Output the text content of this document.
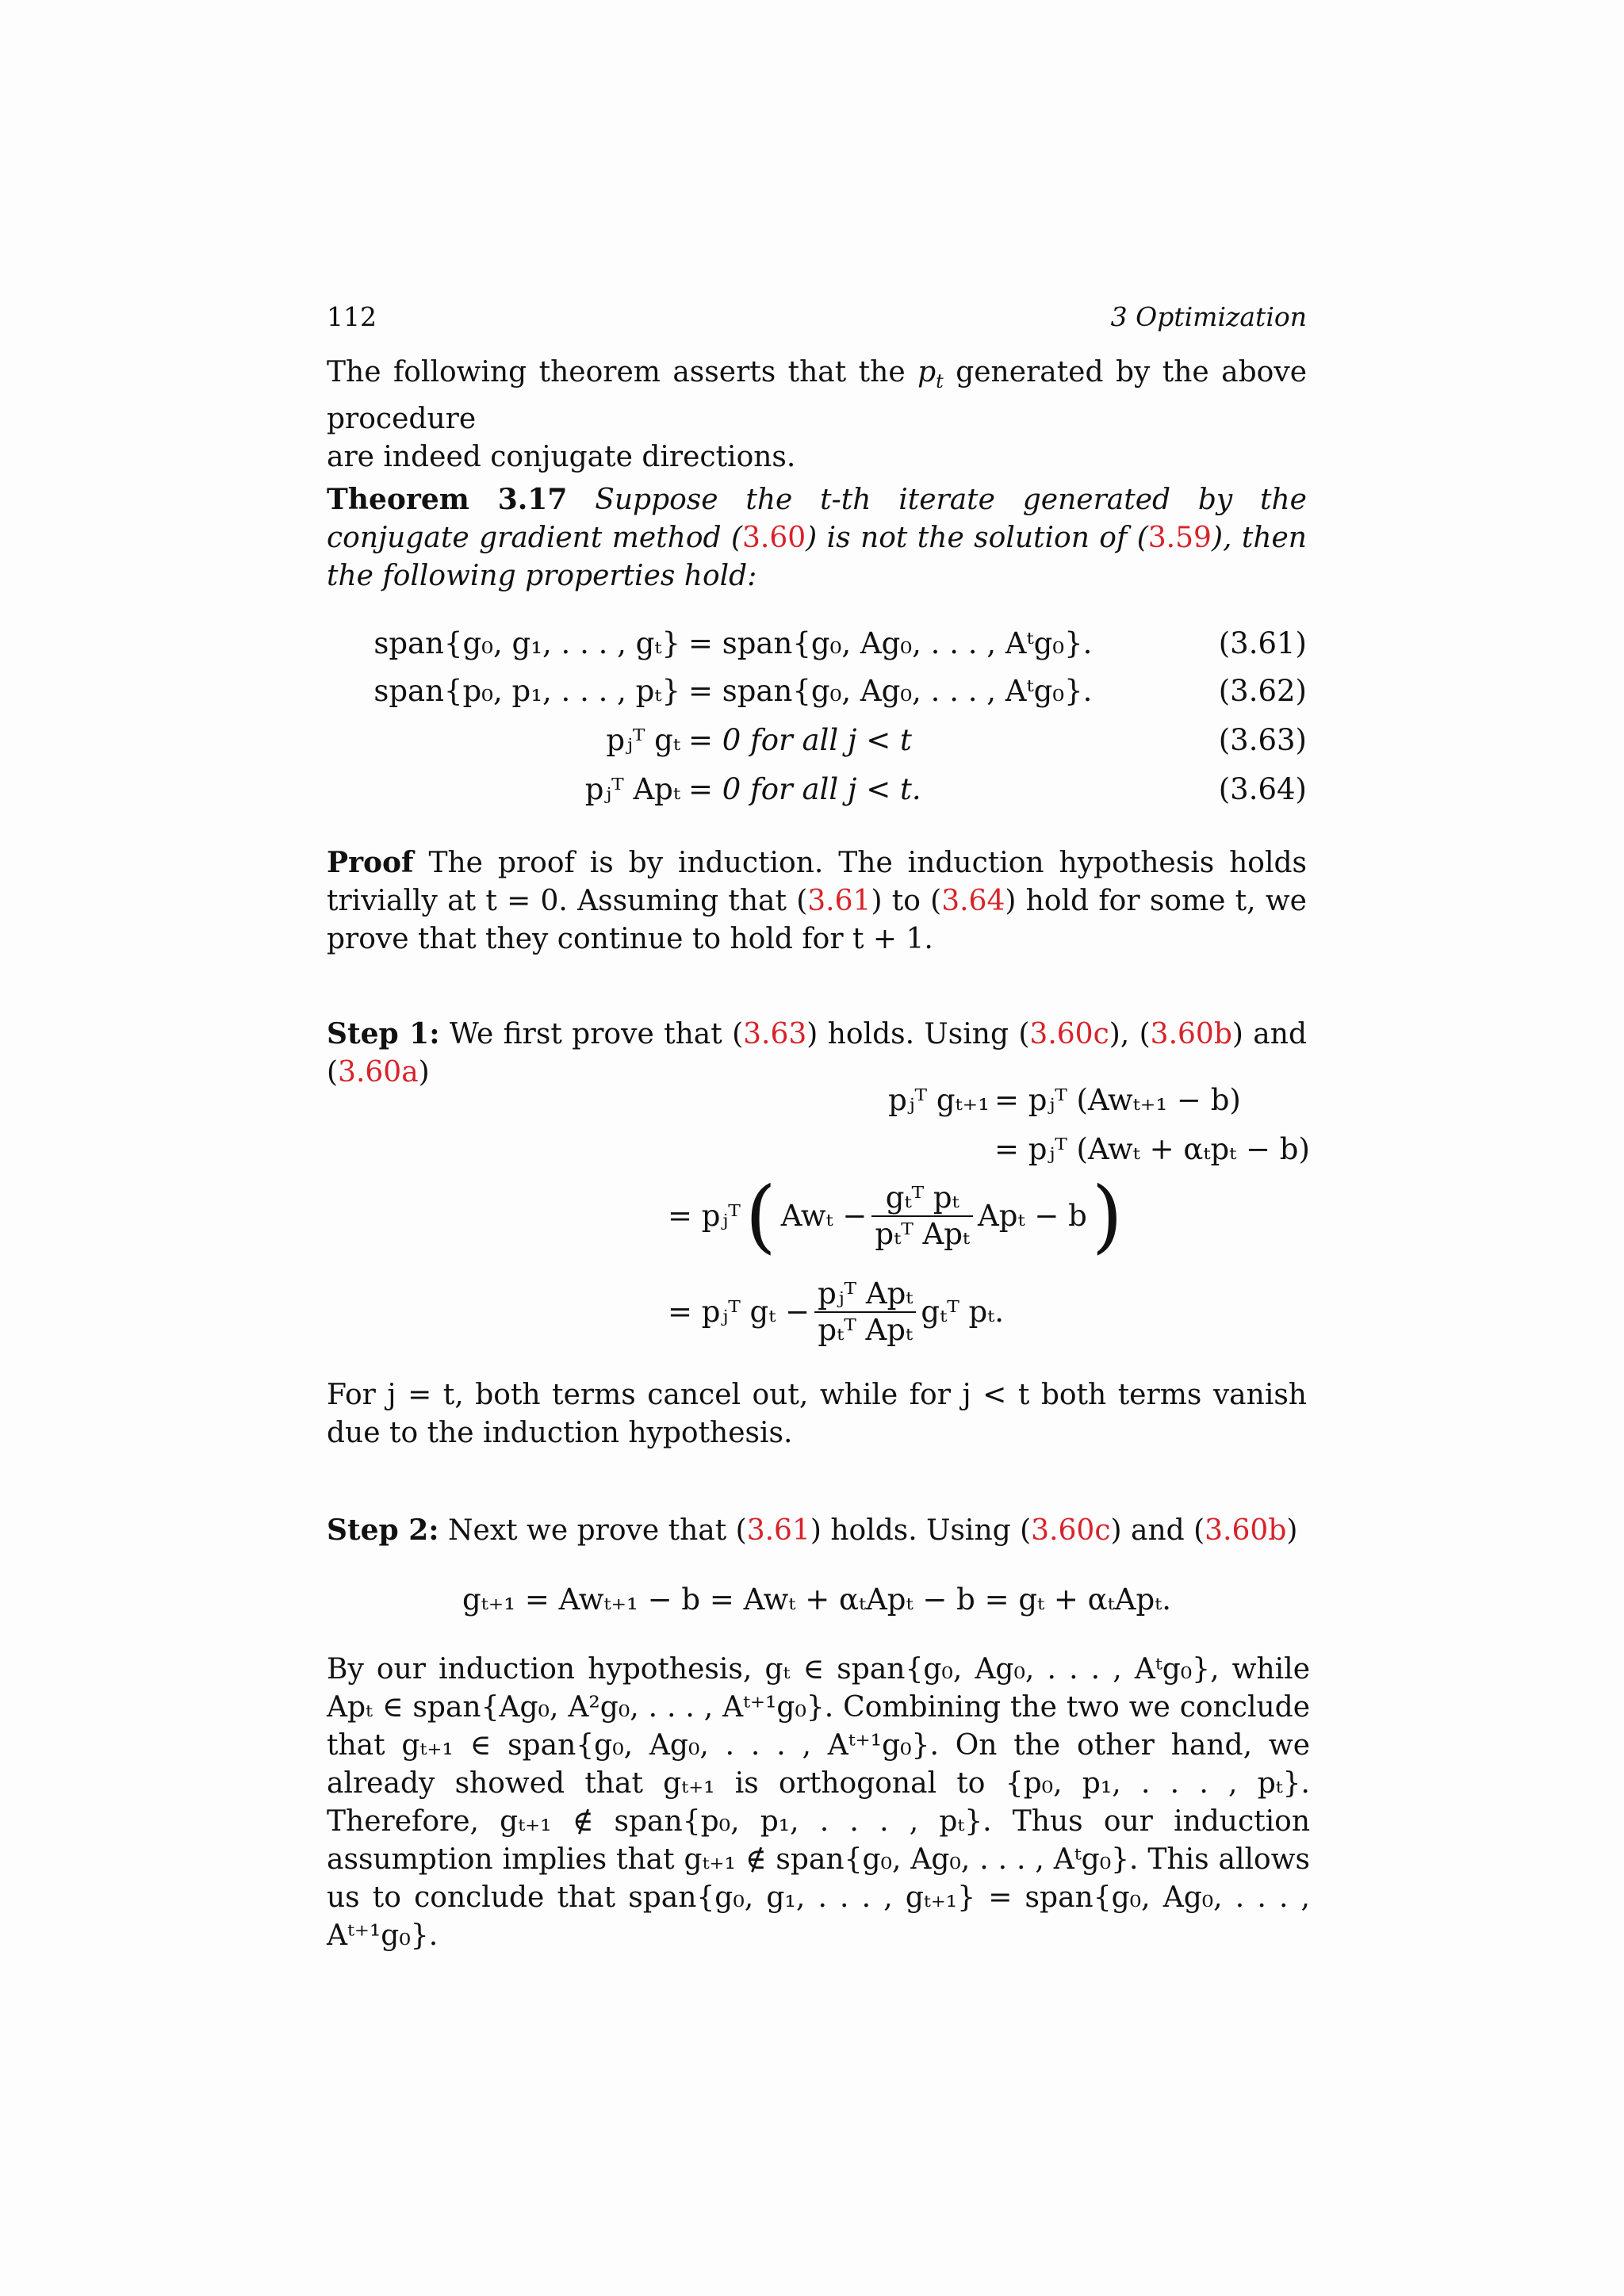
112	3 Optimization
The following theorem asserts that the $p_t$ generated by the above procedure
are indeed conjugate directions.
Theorem 3.17 Suppose the t-th iterate generated by the conjugate gradient method (3.60) is not the solution of (3.59), then the following properties hold:
span{g₀, g₁, . . . , gₜ} = span{g₀, Ag₀, . . . , Aᵗg₀}.	(3.61)
span{p₀, p₁, . . . , pₜ} = span{g₀, Ag₀, . . . , Aᵗg₀}.	(3.62)
pⱼᵀ gₜ = 0 for all j < t	(3.63)
pⱼᵀ Apₜ = 0 for all j < t.	(3.64)
Proof The proof is by induction. The induction hypothesis holds trivially at t = 0. Assuming that (3.61) to (3.64) hold for some t, we prove that they continue to hold for t + 1.
Step 1: We first prove that (3.63) holds. Using (3.60c), (3.60b) and (3.60a)
pⱼᵀ gₜ₊₁ = pⱼᵀ (Awₜ₊₁ − b)
= pⱼᵀ (Awₜ + αₜpₜ − b)
= pⱼᵀ ( $Aw_t - \frac{\text{gₜᵀ pₜ}}{\text{pₜᵀ Apₜ}}$ Apₜ − b )
= pⱼᵀ $g_t - \frac{\text{pⱼᵀ Apₜ}}{\text{pₜᵀ Apₜ}}$ gₜᵀ pₜ.
For j = t, both terms cancel out, while for j < t both terms vanish due to the induction hypothesis.
Step 2: Next we prove that (3.61) holds. Using (3.60c) and (3.60b)
gₜ₊₁ = Awₜ₊₁ − b = Awₜ + αₜApₜ − b = gₜ + αₜApₜ.
By our induction hypothesis, gₜ ∈ span{g₀, Ag₀, . . . , Aᵗg₀}, while Apₜ ∈ span{Ag₀, A²g₀, . . . , Aᵗ⁺¹g₀}. Combining the two we conclude that gₜ₊₁ ∈ span{g₀, Ag₀, . . . , Aᵗ⁺¹g₀}. On the other hand, we already showed that gₜ₊₁ is orthogonal to {p₀, p₁, . . . , pₜ}. Therefore, gₜ₊₁ ∉ span{p₀, p₁, . . . , pₜ}. Thus our induction assumption implies that gₜ₊₁ ∉ span{g₀, Ag₀, . . . , Aᵗg₀}. This allows us to conclude that span{g₀, g₁, . . . , gₜ₊₁} = span{g₀, Ag₀, . . . , Aᵗ⁺¹g₀}.
